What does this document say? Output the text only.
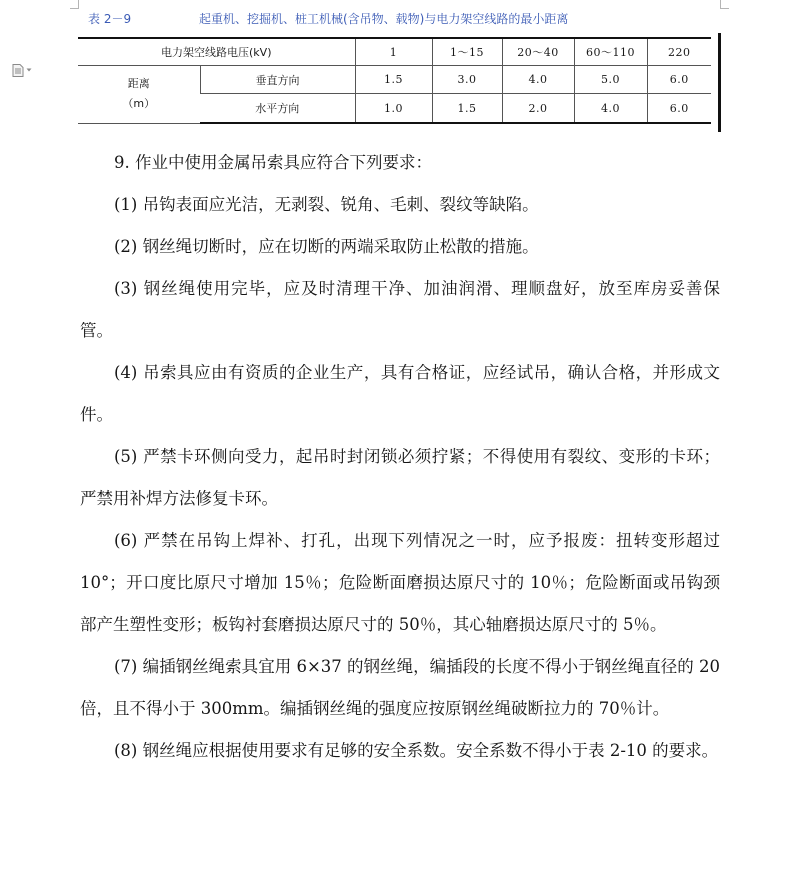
表 2－9	起重机、挖掘机、桩工机械(含吊物、载物)与电力架空线路的最小距离
电力架空线路电压(kV)		1	1～15	20～40	60～110	220

距离
（m）	垂直方向	1.5	3.0	4.0	5.0	6.0
	水平方向	1.0	1.5	2.0	4.0	6.0

9. 作业中使用金属吊索具应符合下列要求：

(1) 吊钩表面应光洁，无剥裂、锐角、毛刺、裂纹等缺陷。

(2) 钢丝绳切断时，应在切断的两端采取防止松散的措施。

(3) 钢丝绳使用完毕，应及时清理干净、加油润滑、理顺盘好，放至库房妥善保管。

(4) 吊索具应由有资质的企业生产，具有合格证，应经试吊，确认合格，并形成文件。

(5) 严禁卡环侧向受力，起吊时封闭锁必须拧紧；不得使用有裂纹、变形的卡环；严禁用补焊方法修复卡环。

(6) 严禁在吊钩上焊补、打孔，出现下列情况之一时，应予报废：扭转变形超过 10°；开口度比原尺寸增加 15％；危险断面磨损达原尺寸的 10％；危险断面或吊钩颈部产生塑性变形；板钩衬套磨损达原尺寸的 50％，其心轴磨损达原尺寸的 5％。

(7) 编插钢丝绳索具宜用 6×37 的钢丝绳，编插段的长度不得小于钢丝绳直径的 20 倍，且不得小于 300mm。编插钢丝绳的强度应按原钢丝绳破断拉力的 70％计。

(8) 钢丝绳应根据使用要求有足够的安全系数。安全系数不得小于表 2-10 的要求。
